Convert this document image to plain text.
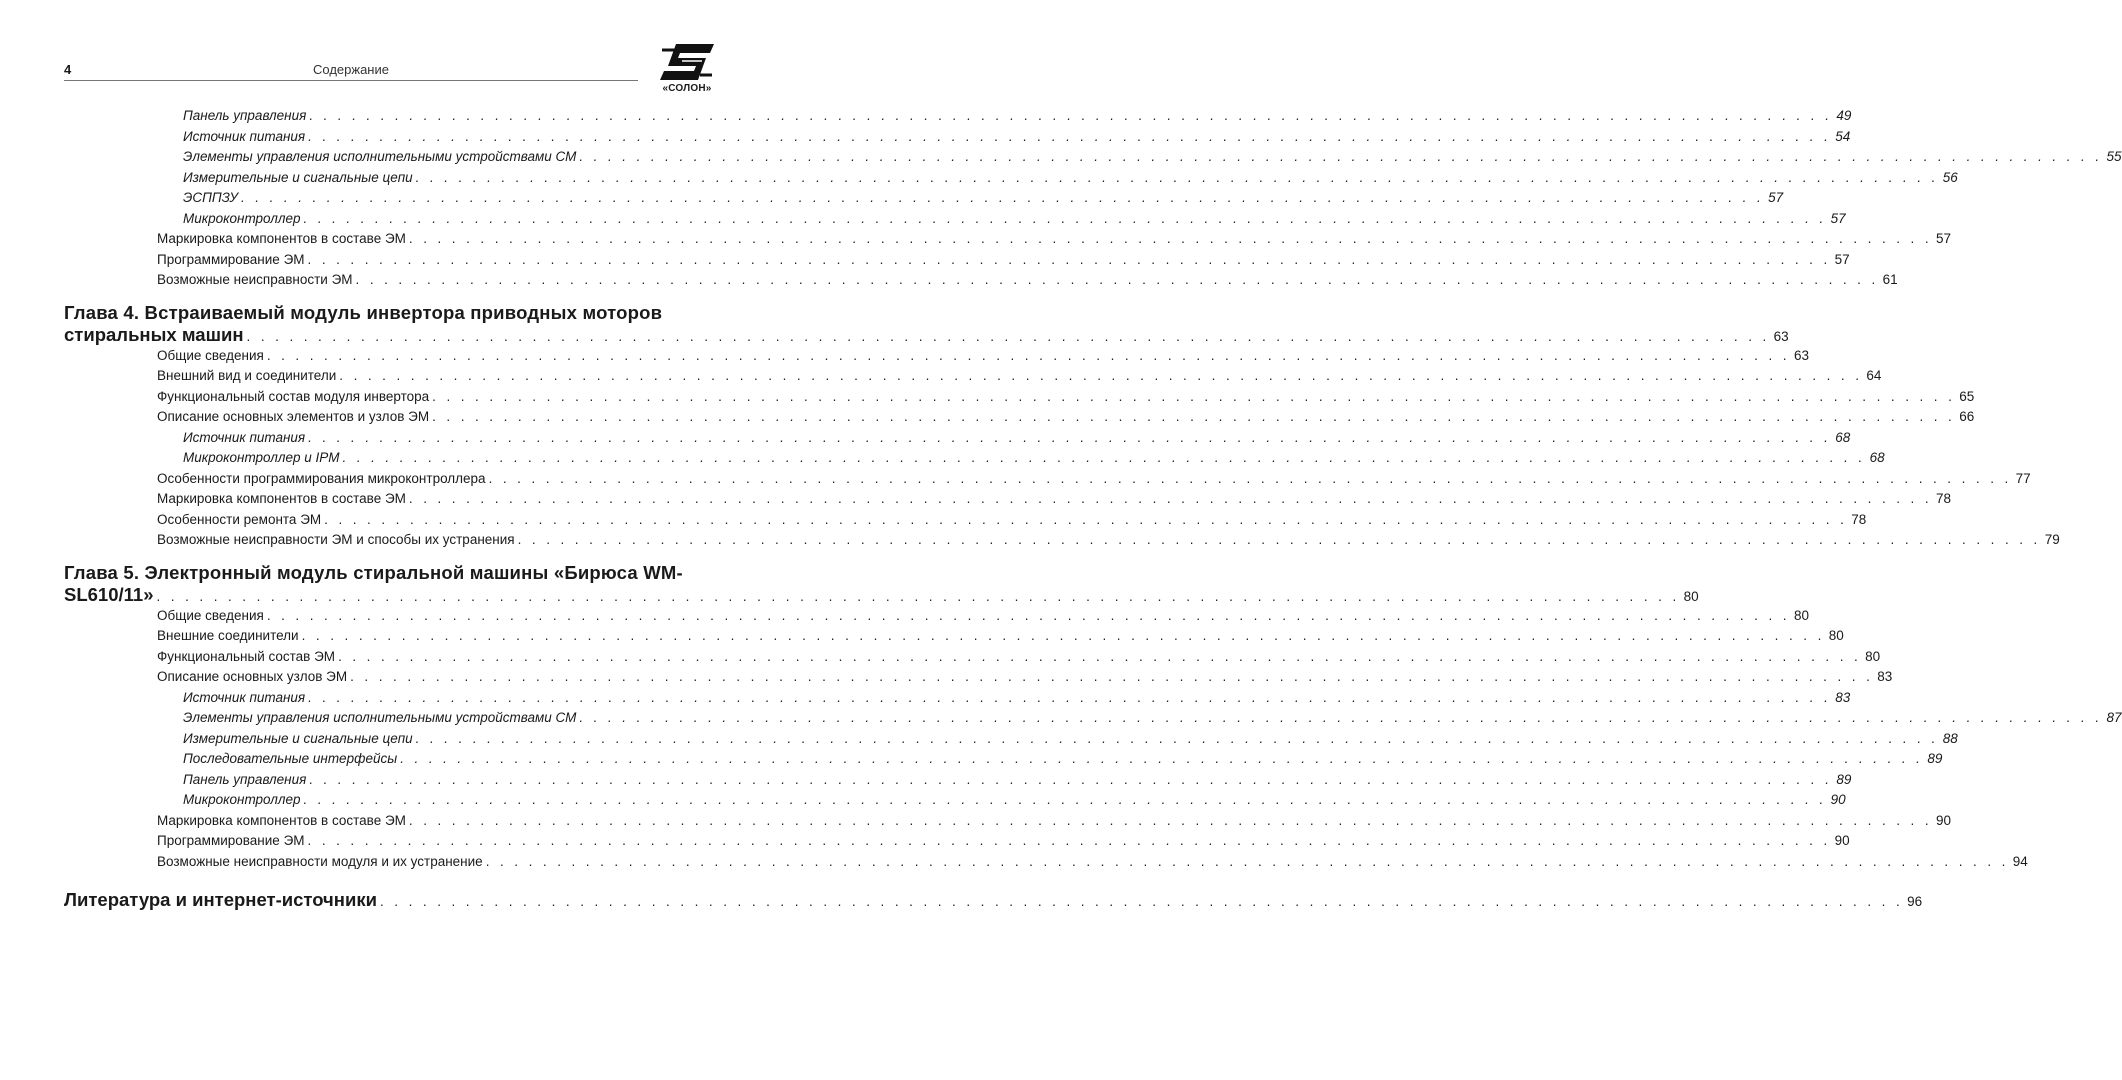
4	Содержание
«СОЛОН»
Панель управления . . . . . . . . . . . . . . . . . . . . . . . . . . . . . . . . . . . . . . . . . . . . . . . . . . . . . . . . . . . . . . . . . . . . . . . . . . . . . . . . . . . . . . . . . . . . . . . . . . . . . . . . . . . 49
Источник питания . . . . . . . . . . . . . . . . . . . . . . . . . . . . . . . . . . . . . . . . . . . . . . . . . . . . . . . . . . . . . . . . . . . . . . . . . . . . . . . . . . . . . . . . . . . . . . . . . . . . . . . . . . . 54
Элементы управления исполнительными устройствами СМ . . . . . . . . . . . . . . . . . . . . . . . . . . . . . . . . . . . . . . . . . . . . . . . . . . . . . . . . . . . . . . . . . . . . . . . . . . . . . . . . . . . . . . . . . . . . . . . . . . . . . . . . . . . 55
Измерительные и сигнальные цепи . . . . . . . . . . . . . . . . . . . . . . . . . . . . . . . . . . . . . . . . . . . . . . . . . . . . . . . . . . . . . . . . . . . . . . . . . . . . . . . . . . . . . . . . . . . . . . . . . . . . . . . . . . . 56
ЭСППЗУ . . . . . . . . . . . . . . . . . . . . . . . . . . . . . . . . . . . . . . . . . . . . . . . . . . . . . . . . . . . . . . . . . . . . . . . . . . . . . . . . . . . . . . . . . . . . . . . . . . . . . . . . . . . 57
Микроконтроллер . . . . . . . . . . . . . . . . . . . . . . . . . . . . . . . . . . . . . . . . . . . . . . . . . . . . . . . . . . . . . . . . . . . . . . . . . . . . . . . . . . . . . . . . . . . . . . . . . . . . . . . . . . . 57
Маркировка компонентов в составе ЭМ . . . . . . . . . . . . . . . . . . . . . . . . . . . . . . . . . . . . . . . . . . . . . . . . . . . . . . . . . . . . . . . . . . . . . . . . . . . . . . . . . . . . . . . . . . . . . . . . . . . . . . . . . . . 57
Программирование ЭМ . . . . . . . . . . . . . . . . . . . . . . . . . . . . . . . . . . . . . . . . . . . . . . . . . . . . . . . . . . . . . . . . . . . . . . . . . . . . . . . . . . . . . . . . . . . . . . . . . . . . . . . . . . . 57
Возможные неисправности ЭМ . . . . . . . . . . . . . . . . . . . . . . . . . . . . . . . . . . . . . . . . . . . . . . . . . . . . . . . . . . . . . . . . . . . . . . . . . . . . . . . . . . . . . . . . . . . . . . . . . . . . . . . . . . . 61
Глава 4. Встраиваемый модуль инвертора приводных моторов
стиральных машин . . . . . . . . . . . . . . . . . . . . . . . . . . . . . . . . . . . . . . . . . . . . . . . . . . . . . . . . . . . . . . . . . . . . . . . . . . . . . . . . . . . . . . . . . . . . . . . . . . . . . . . . . . . 63
Общие сведения . . . . . . . . . . . . . . . . . . . . . . . . . . . . . . . . . . . . . . . . . . . . . . . . . . . . . . . . . . . . . . . . . . . . . . . . . . . . . . . . . . . . . . . . . . . . . . . . . . . . . . . . . . . 63
Внешний вид и соединители . . . . . . . . . . . . . . . . . . . . . . . . . . . . . . . . . . . . . . . . . . . . . . . . . . . . . . . . . . . . . . . . . . . . . . . . . . . . . . . . . . . . . . . . . . . . . . . . . . . . . . . . . . . 64
Функциональный состав модуля инвертора . . . . . . . . . . . . . . . . . . . . . . . . . . . . . . . . . . . . . . . . . . . . . . . . . . . . . . . . . . . . . . . . . . . . . . . . . . . . . . . . . . . . . . . . . . . . . . . . . . . . . . . . . . . 65
Описание основных элементов и узлов ЭМ . . . . . . . . . . . . . . . . . . . . . . . . . . . . . . . . . . . . . . . . . . . . . . . . . . . . . . . . . . . . . . . . . . . . . . . . . . . . . . . . . . . . . . . . . . . . . . . . . . . . . . . . . . . 66
Источник питания . . . . . . . . . . . . . . . . . . . . . . . . . . . . . . . . . . . . . . . . . . . . . . . . . . . . . . . . . . . . . . . . . . . . . . . . . . . . . . . . . . . . . . . . . . . . . . . . . . . . . . . . . . . 68
Микроконтроллер и IPM . . . . . . . . . . . . . . . . . . . . . . . . . . . . . . . . . . . . . . . . . . . . . . . . . . . . . . . . . . . . . . . . . . . . . . . . . . . . . . . . . . . . . . . . . . . . . . . . . . . . . . . . . . . 68
Особенности программирования микроконтроллера . . . . . . . . . . . . . . . . . . . . . . . . . . . . . . . . . . . . . . . . . . . . . . . . . . . . . . . . . . . . . . . . . . . . . . . . . . . . . . . . . . . . . . . . . . . . . . . . . . . . . . . . . . . 77
Маркировка компонентов в составе ЭМ . . . . . . . . . . . . . . . . . . . . . . . . . . . . . . . . . . . . . . . . . . . . . . . . . . . . . . . . . . . . . . . . . . . . . . . . . . . . . . . . . . . . . . . . . . . . . . . . . . . . . . . . . . . 78
Особенности ремонта ЭМ . . . . . . . . . . . . . . . . . . . . . . . . . . . . . . . . . . . . . . . . . . . . . . . . . . . . . . . . . . . . . . . . . . . . . . . . . . . . . . . . . . . . . . . . . . . . . . . . . . . . . . . . . . . 78
Возможные неисправности ЭМ и способы их устранения . . . . . . . . . . . . . . . . . . . . . . . . . . . . . . . . . . . . . . . . . . . . . . . . . . . . . . . . . . . . . . . . . . . . . . . . . . . . . . . . . . . . . . . . . . . . . . . . . . . . . . . . . . . 79
Глава 5. Электронный модуль стиральной машины «Бирюса WM-
SL610/11» . . . . . . . . . . . . . . . . . . . . . . . . . . . . . . . . . . . . . . . . . . . . . . . . . . . . . . . . . . . . . . . . . . . . . . . . . . . . . . . . . . . . . . . . . . . . . . . . . . . . . . . . . . . 80
Общие сведения . . . . . . . . . . . . . . . . . . . . . . . . . . . . . . . . . . . . . . . . . . . . . . . . . . . . . . . . . . . . . . . . . . . . . . . . . . . . . . . . . . . . . . . . . . . . . . . . . . . . . . . . . . . 80
Внешние соединители . . . . . . . . . . . . . . . . . . . . . . . . . . . . . . . . . . . . . . . . . . . . . . . . . . . . . . . . . . . . . . . . . . . . . . . . . . . . . . . . . . . . . . . . . . . . . . . . . . . . . . . . . . . 80
Функциональный состав ЭМ . . . . . . . . . . . . . . . . . . . . . . . . . . . . . . . . . . . . . . . . . . . . . . . . . . . . . . . . . . . . . . . . . . . . . . . . . . . . . . . . . . . . . . . . . . . . . . . . . . . . . . . . . . . 80
Описание основных узлов ЭМ . . . . . . . . . . . . . . . . . . . . . . . . . . . . . . . . . . . . . . . . . . . . . . . . . . . . . . . . . . . . . . . . . . . . . . . . . . . . . . . . . . . . . . . . . . . . . . . . . . . . . . . . . . . 83
Источник питания . . . . . . . . . . . . . . . . . . . . . . . . . . . . . . . . . . . . . . . . . . . . . . . . . . . . . . . . . . . . . . . . . . . . . . . . . . . . . . . . . . . . . . . . . . . . . . . . . . . . . . . . . . . 83
Элементы управления исполнительными устройствами СМ . . . . . . . . . . . . . . . . . . . . . . . . . . . . . . . . . . . . . . . . . . . . . . . . . . . . . . . . . . . . . . . . . . . . . . . . . . . . . . . . . . . . . . . . . . . . . . . . . . . . . . . . . . . 87
Измерительные и сигнальные цепи . . . . . . . . . . . . . . . . . . . . . . . . . . . . . . . . . . . . . . . . . . . . . . . . . . . . . . . . . . . . . . . . . . . . . . . . . . . . . . . . . . . . . . . . . . . . . . . . . . . . . . . . . . . 88
Последовательные интерфейсы . . . . . . . . . . . . . . . . . . . . . . . . . . . . . . . . . . . . . . . . . . . . . . . . . . . . . . . . . . . . . . . . . . . . . . . . . . . . . . . . . . . . . . . . . . . . . . . . . . . . . . . . . . . 89
Панель управления . . . . . . . . . . . . . . . . . . . . . . . . . . . . . . . . . . . . . . . . . . . . . . . . . . . . . . . . . . . . . . . . . . . . . . . . . . . . . . . . . . . . . . . . . . . . . . . . . . . . . . . . . . . 89
Микроконтроллер . . . . . . . . . . . . . . . . . . . . . . . . . . . . . . . . . . . . . . . . . . . . . . . . . . . . . . . . . . . . . . . . . . . . . . . . . . . . . . . . . . . . . . . . . . . . . . . . . . . . . . . . . . . 90
Маркировка компонентов в составе ЭМ . . . . . . . . . . . . . . . . . . . . . . . . . . . . . . . . . . . . . . . . . . . . . . . . . . . . . . . . . . . . . . . . . . . . . . . . . . . . . . . . . . . . . . . . . . . . . . . . . . . . . . . . . . . 90
Программирование ЭМ . . . . . . . . . . . . . . . . . . . . . . . . . . . . . . . . . . . . . . . . . . . . . . . . . . . . . . . . . . . . . . . . . . . . . . . . . . . . . . . . . . . . . . . . . . . . . . . . . . . . . . . . . . . 90
Возможные неисправности модуля и их устранение . . . . . . . . . . . . . . . . . . . . . . . . . . . . . . . . . . . . . . . . . . . . . . . . . . . . . . . . . . . . . . . . . . . . . . . . . . . . . . . . . . . . . . . . . . . . . . . . . . . . . . . . . . . 94
Литература и интернет-источники . . . . . . . . . . . . . . . . . . . . . . . . . . . . . . . . . . . . . . . . . . . . . . . . . . . . . . . . . . . . . . . . . . . . . . . . . . . . . . . . . . . . . . . . . . . . . . . . . . . . . . . . . . . 96
